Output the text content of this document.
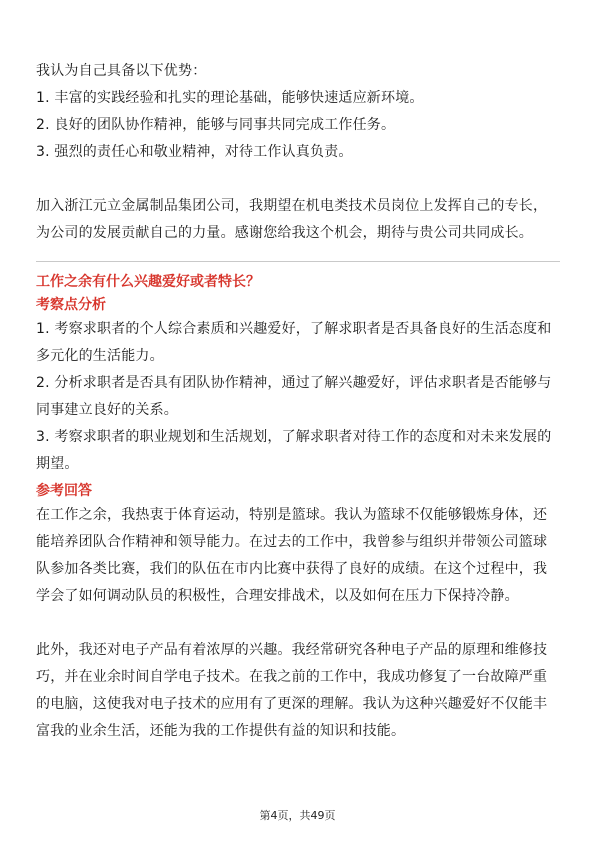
我认为自己具备以下优势：

1. 丰富的实践经验和扎实的理论基础，能够快速适应新环境。

2. 良好的团队协作精神，能够与同事共同完成工作任务。

3. 强烈的责任心和敬业精神，对待工作认真负责。

加入浙江元立金属制品集团公司，我期望在机电类技术员岗位上发挥自己的专长，

为公司的发展贡献自己的力量。感谢您给我这个机会，期待与贵公司共同成长。

工作之余有什么兴趣爱好或者特长？

考察点分析

1. 考察求职者的个人综合素质和兴趣爱好，了解求职者是否具备良好的生活态度和

多元化的生活能力。

2. 分析求职者是否具有团队协作精神，通过了解兴趣爱好，评估求职者是否能够与

同事建立良好的关系。

3. 考察求职者的职业规划和生活规划，了解求职者对待工作的态度和对未来发展的

期望。

参考回答

在工作之余，我热衷于体育运动，特别是篮球。我认为篮球不仅能够锻炼身体，还

能培养团队合作精神和领导能力。在过去的工作中，我曾参与组织并带领公司篮球

队参加各类比赛，我们的队伍在市内比赛中获得了良好的成绩。在这个过程中，我

学会了如何调动队员的积极性，合理安排战术，以及如何在压力下保持冷静。

此外，我还对电子产品有着浓厚的兴趣。我经常研究各种电子产品的原理和维修技

巧，并在业余时间自学电子技术。在我之前的工作中，我成功修复了一台故障严重

的电脑，这使我对电子技术的应用有了更深的理解。我认为这种兴趣爱好不仅能丰

富我的业余生活，还能为我的工作提供有益的知识和技能。

第4页，共49页
